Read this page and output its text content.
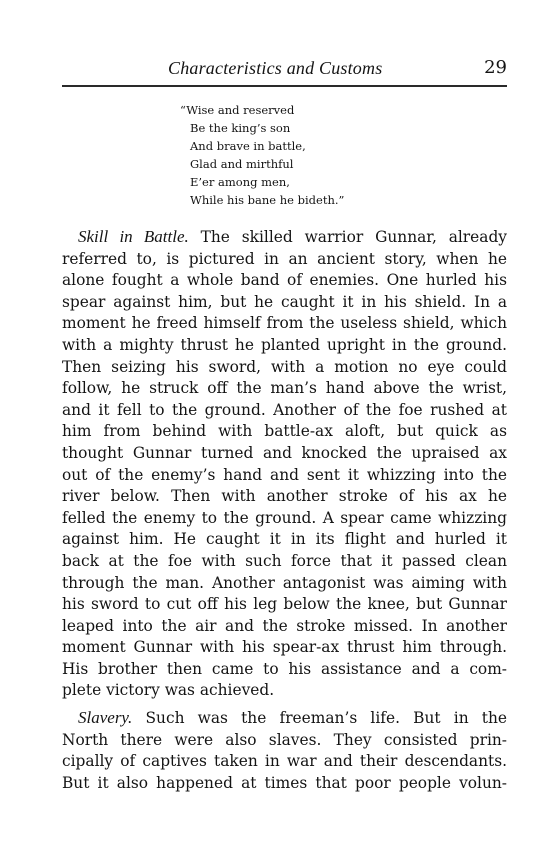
Characteristics and Customs	29
“Wise and reserved
Be the king’s son
And brave in battle,
Glad and mirthful
E’er among men,
While his bane he bideth.”
Skill in Battle. The skilled warrior Gunnar, already
referred to, is pictured in an ancient story, when he
alone fought a whole band of enemies. One hurled his
spear against him, but he caught it in his shield. In a
moment he freed himself from the useless shield, which
with a mighty thrust he planted upright in the ground.
Then seizing his sword, with a motion no eye could
follow, he struck off the man’s hand above the wrist,
and it fell to the ground. Another of the foe rushed at
him from behind with battle-ax aloft, but quick as
thought Gunnar turned and knocked the upraised ax
out of the enemy’s hand and sent it whizzing into the
river below. Then with another stroke of his ax he
felled the enemy to the ground. A spear came whizzing
against him. He caught it in its flight and hurled it
back at the foe with such force that it passed clean
through the man. Another antagonist was aiming with
his sword to cut off his leg below the knee, but Gunnar
leaped into the air and the stroke missed. In another
moment Gunnar with his spear-ax thrust him through.
His brother then came to his assistance and a com-
plete victory was achieved.
Slavery. Such was the freeman’s life. But in the
North there were also slaves. They consisted prin-
cipally of captives taken in war and their descendants.
But it also happened at times that poor people volun-
